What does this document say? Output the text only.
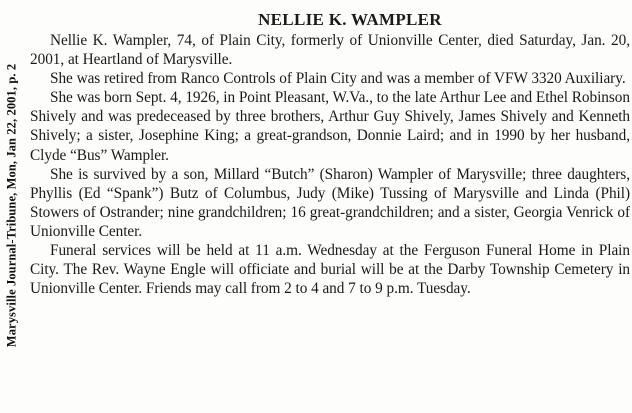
Marysville Journal-Tribune, Mon, Jan 22, 2001, p. 2
NELLIE K. WAMPLER

Nellie K. Wampler, 74, of Plain City, formerly of Unionville Center, died Saturday, Jan. 20, 2001, at Heartland of Marysville.

She was retired from Ranco Controls of Plain City and was a member of VFW 3320 Auxiliary.

She was born Sept. 4, 1926, in Point Pleasant, W.Va., to the late Arthur Lee and Ethel Robinson Shively and was predeceased by three brothers, Arthur Guy Shively, James Shively and Kenneth Shively; a sister, Josephine King; a great-grandson, Donnie Laird; and in 1990 by her husband, Clyde “Bus” Wampler.

She is survived by a son, Millard “Butch” (Sharon) Wampler of Marysville; three daughters, Phyllis (Ed “Spank”) Butz of Columbus, Judy (Mike) Tussing of Marysville and Linda (Phil) Stowers of Ostrander; nine grandchildren; 16 great-grandchildren; and a sister, Georgia Venrick of Unionville Center.

Funeral services will be held at 11 a.m. Wednesday at the Ferguson Funeral Home in Plain City. The Rev. Wayne Engle will officiate and burial will be at the Darby Township Cemetery in Unionville Center. Friends may call from 2 to 4 and 7 to 9 p.m. Tuesday.
